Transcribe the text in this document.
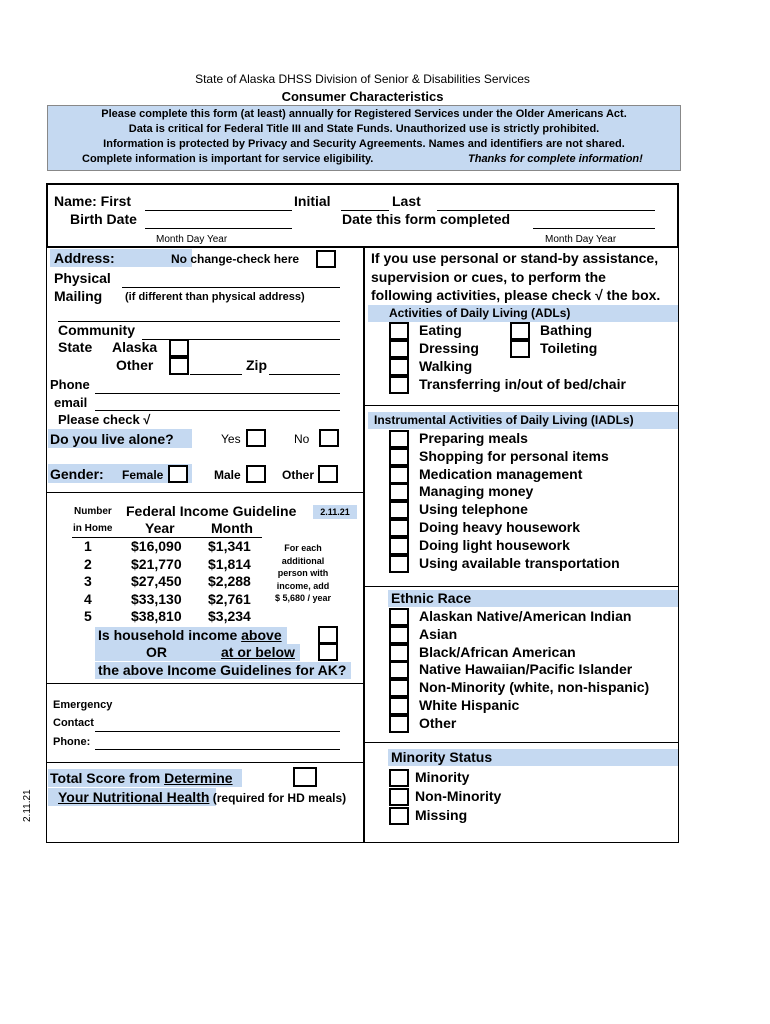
State of Alaska DHSS Division of Senior & Disabilities Services
Consumer Characteristics
Please complete this form (at least) annually for Registered Services under the Older Americans Act.
Data is critical for Federal Title III and State Funds. Unauthorized use is strictly prohibited.
Information is protected by Privacy and Security Agreements. Names and identifiers are not shared.
Complete information is important for service eligibility.	Thanks for complete information!
Name: First	Initial	Last
Birth Date	Date this form completed
Month Day Year	Month Day Year
Address:	No change-check here
Physical
Mailing (if different than physical address)
Community
State Alaska
Other	Zip
Phone
email
Please check √
Do you live alone?	Yes	No
Gender: Female	Male	Other
Number
in Home
Federal Income Guideline	2.11.21
Year	Month
1	$16,090 $1,341
2	$21,770 $1,814
3	$27,450 $2,288
4	$33,130 $2,761
5	$38,810 $3,234
For each
additional
person with
income, add
$ 5,680 / year
Is household income above
OR	at or below
the above Income Guidelines for AK?
Emergency
Contact
Phone:
Total Score from Determine
Your Nutritional Health (required for HD meals)
2.11.21
If you use personal or stand-by assistance,
supervision or cues, to perform the
following activities, please check √ the box.
Activities of Daily Living (ADLs)
Eating
Dressing
Walking
Transferring in/out of bed/chair
Bathing
Toileting
Instrumental Activities of Daily Living (IADLs)
Preparing meals
Shopping for personal items
Medication management
Managing money
Using telephone
Doing heavy housework
Doing light housework
Using available transportation
Ethnic Race
Alaskan Native/American Indian
Asian
Black/African American
Native Hawaiian/Pacific Islander
Non-Minority (white, non-hispanic)
White Hispanic
Other
Minority Status
Minority
Non-Minority
Missing
